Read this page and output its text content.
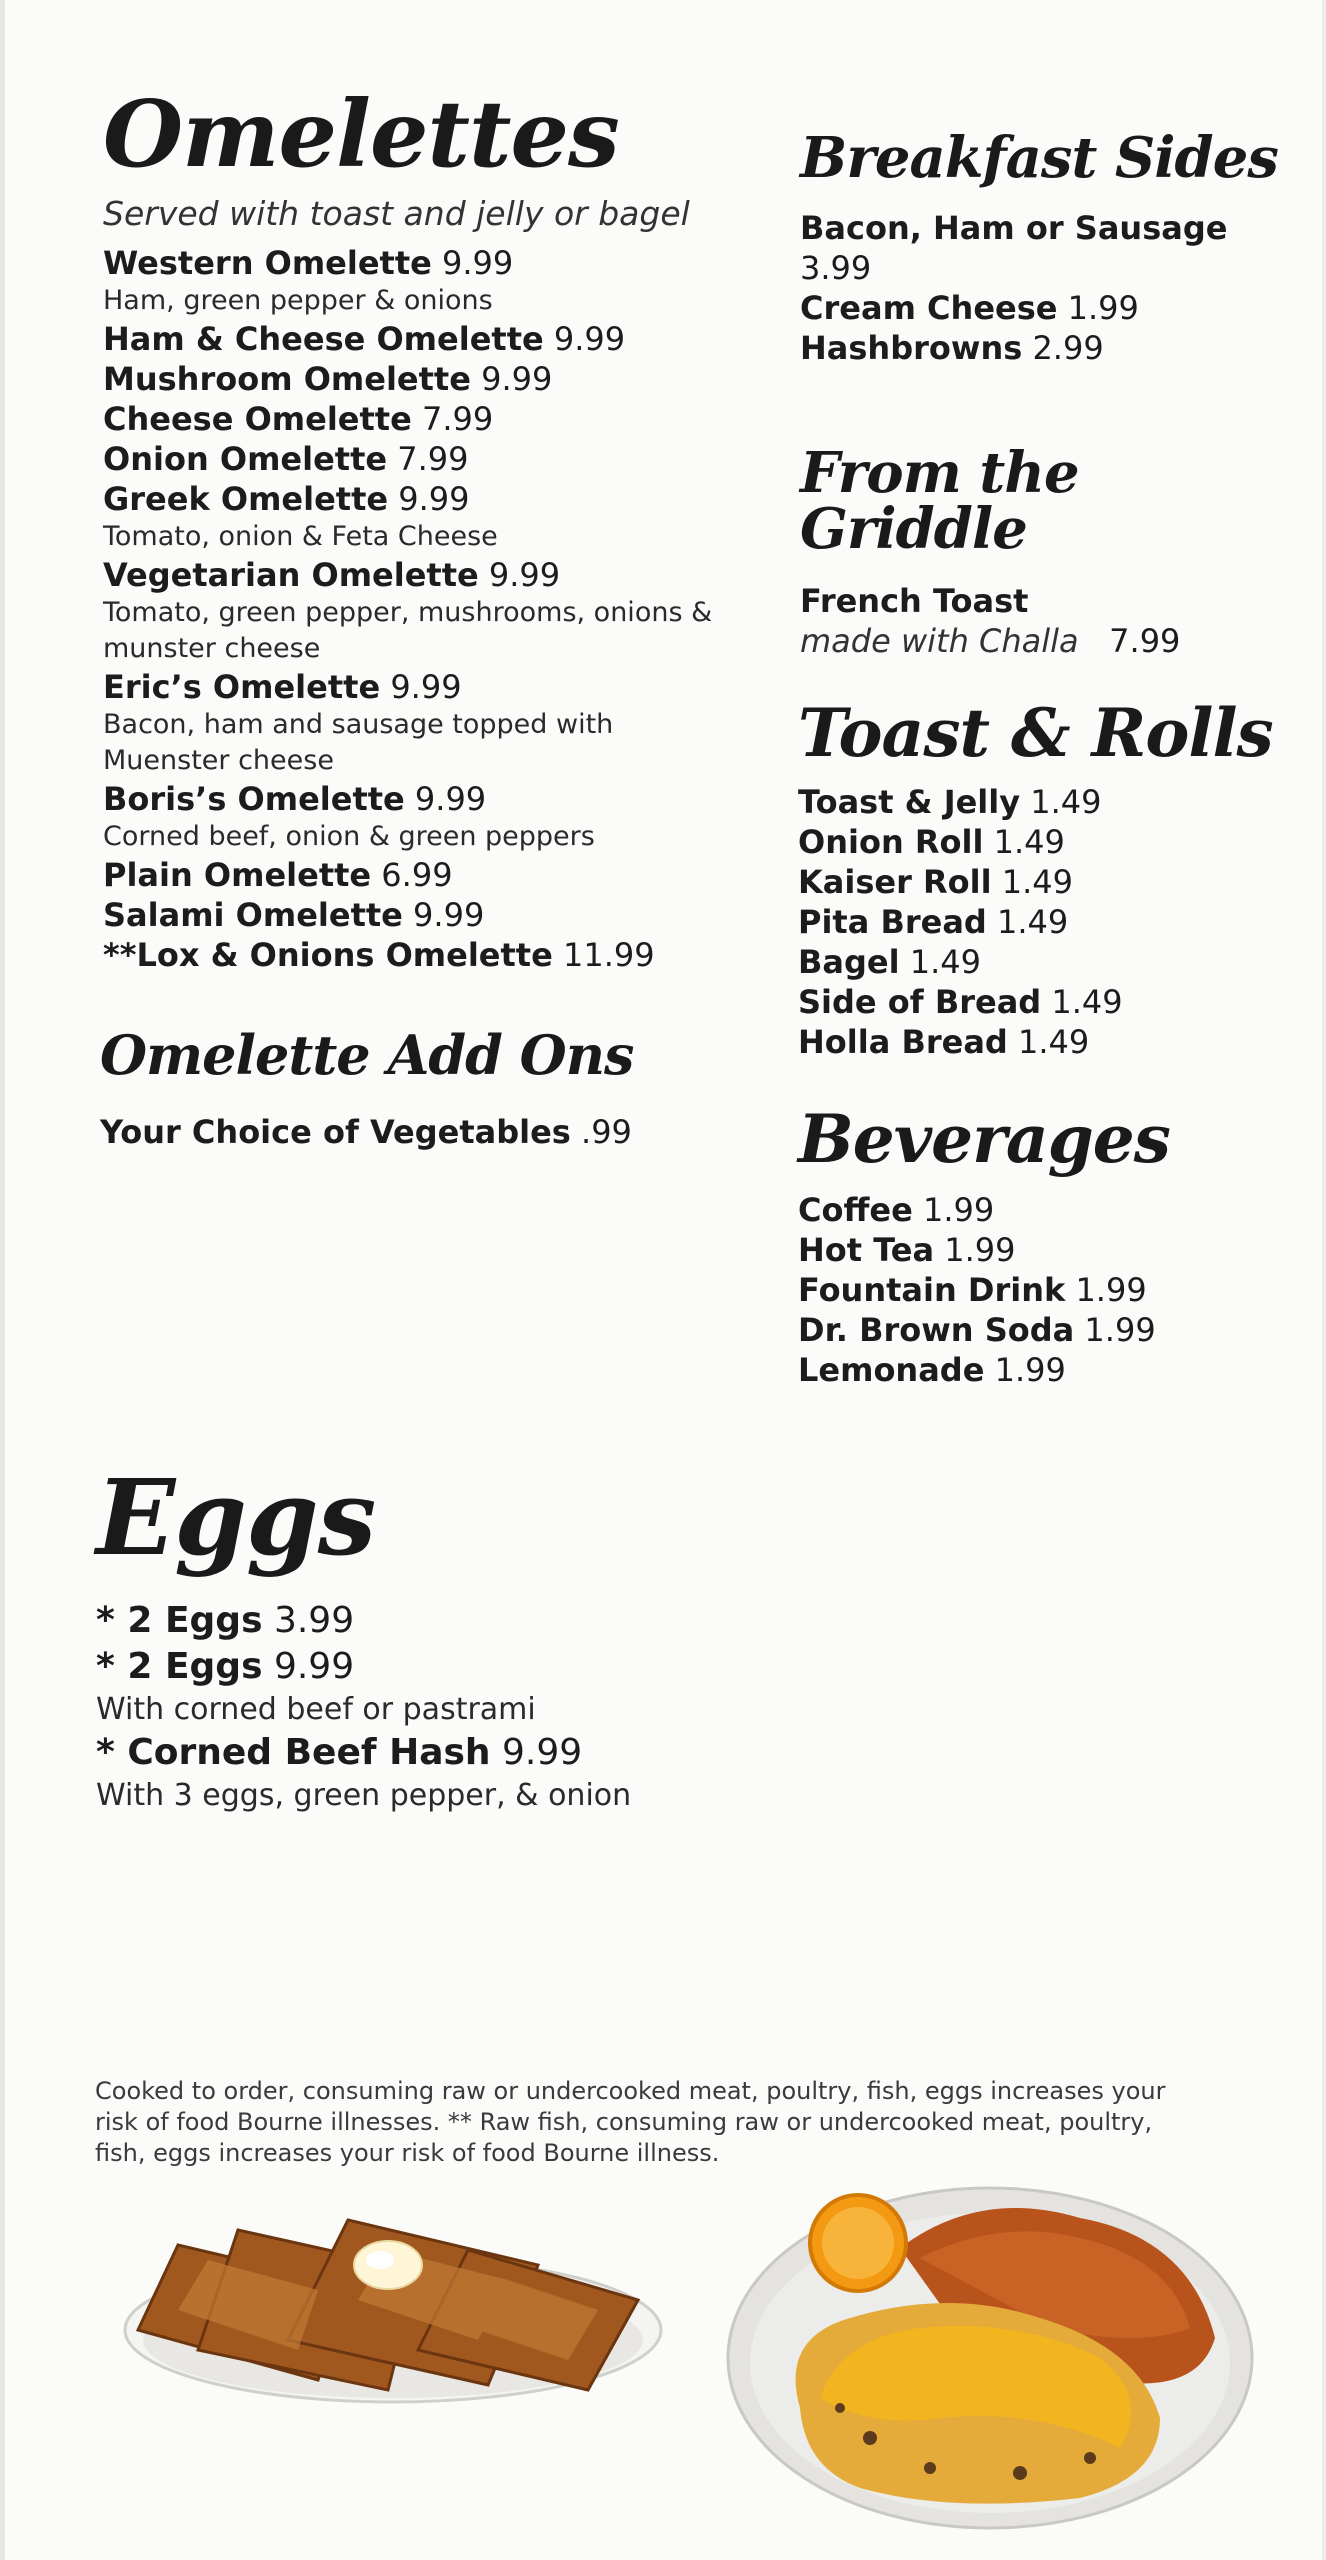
Omelettes
Served with toast and jelly or bagel
Western Omelette 9.99
Ham, green pepper & onions
Ham & Cheese Omelette 9.99
Mushroom Omelette 9.99
Cheese Omelette 7.99
Onion Omelette 7.99
Greek Omelette 9.99
Tomato, onion & Feta Cheese
Vegetarian Omelette 9.99
Tomato, green pepper, mushrooms, onions & munster cheese
Eric’s Omelette 9.99
Bacon, ham and sausage topped with Muenster cheese
Boris’s Omelette 9.99
Corned beef, onion & green peppers
Plain Omelette 6.99
Salami Omelette 9.99
**Lox & Onions Omelette 11.99
Omelette Add Ons
Your Choice of Vegetables .99
Eggs
* 2 Eggs 3.99
* 2 Eggs 9.99
With corned beef or pastrami
* Corned Beef Hash 9.99
With 3 eggs, green pepper, & onion
Breakfast Sides
Bacon, Ham or Sausage 3.99
Cream Cheese 1.99
Hashbrowns 2.99
From the Griddle
French Toast
made with Challa 7.99
Toast & Rolls
Toast & Jelly 1.49
Onion Roll 1.49
Kaiser Roll 1.49
Pita Bread 1.49
Bagel 1.49
Side of Bread 1.49
Holla Bread 1.49
Beverages
Coffee 1.99
Hot Tea 1.99
Fountain Drink 1.99
Dr. Brown Soda 1.99
Lemonade 1.99
Cooked to order, consuming raw or undercooked meat, poultry, fish, eggs increases your risk of food Bourne illnesses. ** Raw fish, consuming raw or undercooked meat, poultry, fish, eggs increases your risk of food Bourne illness.
